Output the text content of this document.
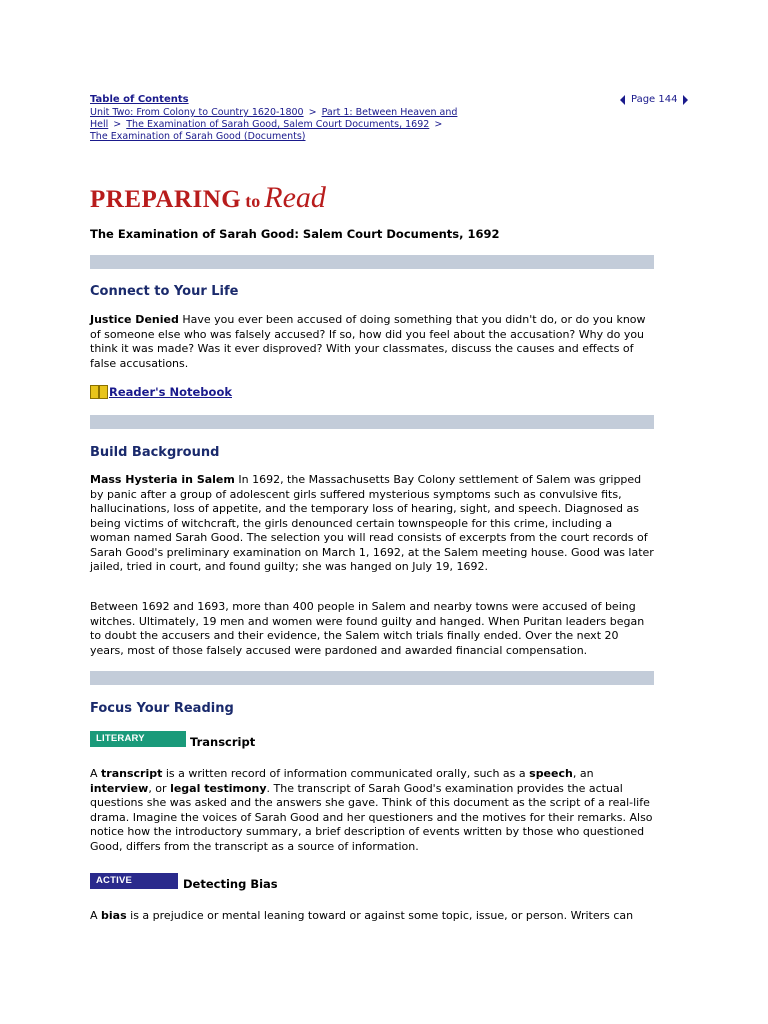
Table of Contents
Unit Two: From Colony to Country 1620-1800 > Part 1: Between Heaven and Hell > The Examination of Sarah Good, Salem Court Documents, 1692 >
The Examination of Sarah Good (Documents)
Page 144
PREPARING to Read
The Examination of Sarah Good: Salem Court Documents, 1692
Connect to Your Life
Justice Denied Have you ever been accused of doing something that you didn't do, or do you know of someone else who was falsely accused? If so, how did you feel about the accusation? Why do you think it was made? Was it ever disproved? With your classmates, discuss the causes and effects of false accusations.
Reader's Notebook
Build Background
Mass Hysteria in Salem In 1692, the Massachusetts Bay Colony settlement of Salem was gripped by panic after a group of adolescent girls suffered mysterious symptoms such as convulsive fits, hallucinations, loss of appetite, and the temporary loss of hearing, sight, and speech. Diagnosed as being victims of witchcraft, the girls denounced certain townspeople for this crime, including a woman named Sarah Good. The selection you will read consists of excerpts from the court records of Sarah Good's preliminary examination on March 1, 1692, at the Salem meeting house. Good was later jailed, tried in court, and found guilty; she was hanged on July 19, 1692.
Between 1692 and 1693, more than 400 people in Salem and nearby towns were accused of being witches. Ultimately, 19 men and women were found guilty and hanged. When Puritan leaders began to doubt the accusers and their evidence, the Salem witch trials finally ended. Over the next 20 years, most of those falsely accused were pardoned and awarded financial compensation.
Focus Your Reading
LITERARY ANALYSIS
Transcript
A transcript is a written record of information communicated orally, such as a speech, an interview, or legal testimony. The transcript of Sarah Good's examination provides the actual questions she was asked and the answers she gave. Think of this document as the script of a real-life drama. Imagine the voices of Sarah Good and her questioners and the motives for their remarks. Also notice how the introductory summary, a brief description of events written by those who questioned Good, differs from the transcript as a source of information.
ACTIVE READING
Detecting Bias
A bias is a prejudice or mental leaning toward or against some topic, issue, or person. Writers can
